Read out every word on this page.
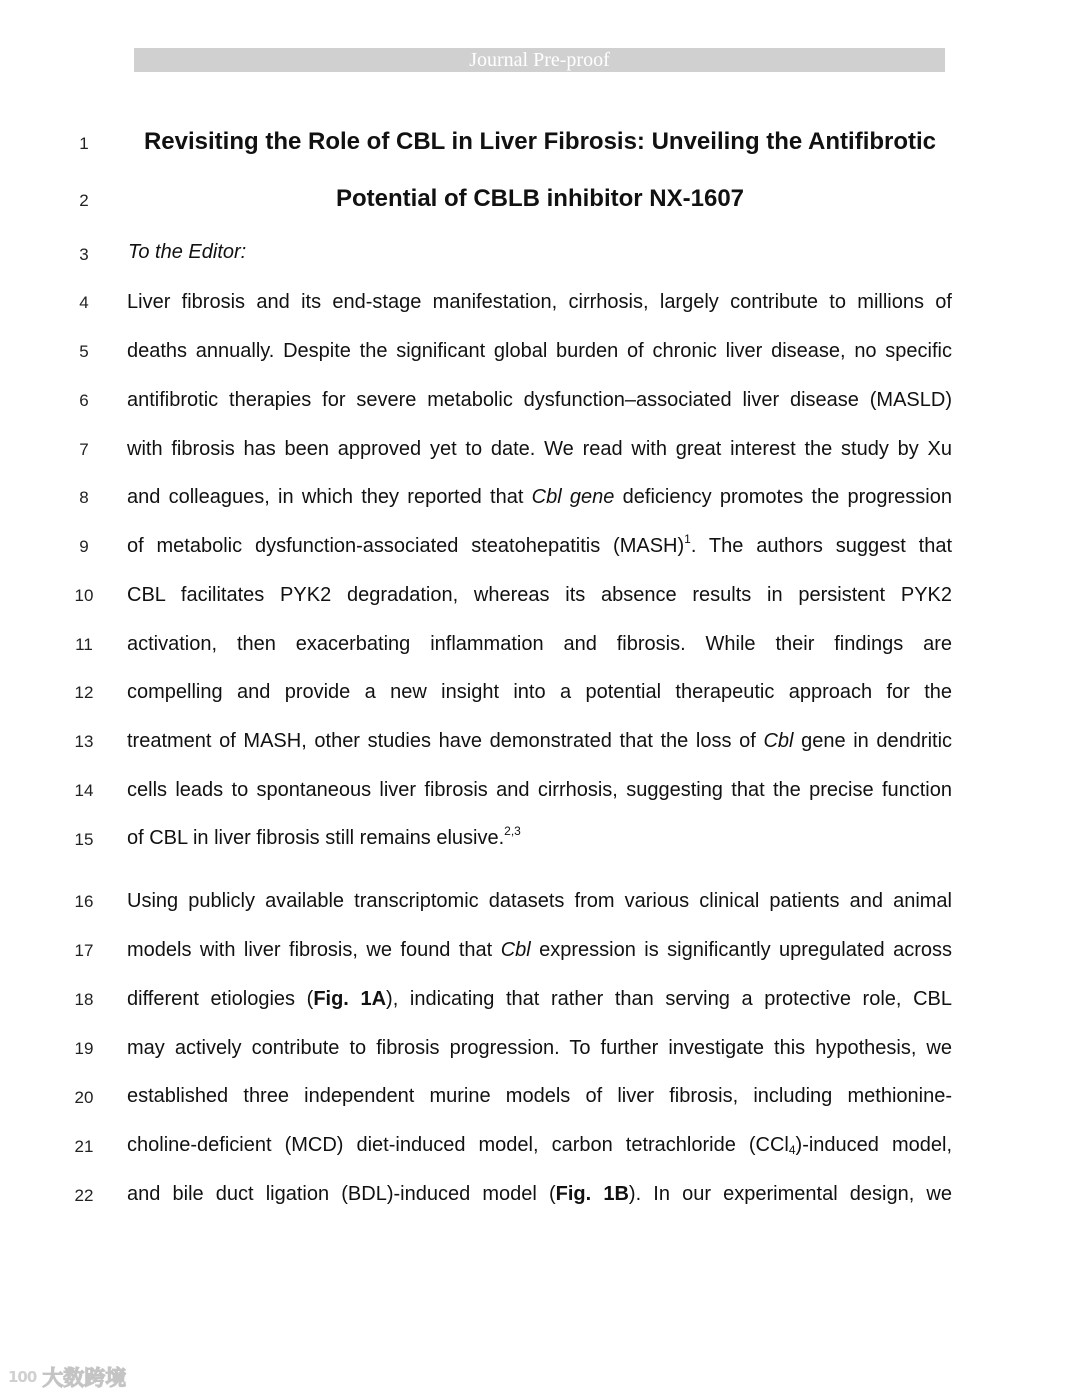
Journal Pre-proof
1
2
3
4
5
6
7
8
9
10
11
12
13
14
15
16
17
18
19
20
21
22
Revisiting the Role of CBL in Liver Fibrosis: Unveiling the Antifibrotic
Potential of CBLB inhibitor NX-1607
To the Editor:
Liver fibrosis and its end-stage manifestation, cirrhosis, largely contribute to millions of
deaths annually. Despite the significant global burden of chronic liver disease, no specific
antifibrotic therapies for severe metabolic dysfunction–associated liver disease (MASLD)
with fibrosis has been approved yet to date. We read with great interest the study by Xu
and colleagues, in which they reported that Cbl gene deficiency promotes the progression
of metabolic dysfunction-associated steatohepatitis (MASH)$^1$. The authors suggest that
CBL facilitates PYK2 degradation, whereas its absence results in persistent PYK2
activation, then exacerbating inflammation and fibrosis. While their findings are
compelling and provide a new insight into a potential therapeutic approach for the
treatment of MASH, other studies have demonstrated that the loss of Cbl gene in dendritic
cells leads to spontaneous liver fibrosis and cirrhosis, suggesting that the precise function
of CBL in liver fibrosis still remains elusive.$^{2,3}$
Using publicly available transcriptomic datasets from various clinical patients and animal
models with liver fibrosis, we found that Cbl expression is significantly upregulated across
different etiologies (Fig. 1A), indicating that rather than serving a protective role, CBL
may actively contribute to fibrosis progression. To further investigate this hypothesis, we
established three independent murine models of liver fibrosis, including methionine-
choline-deficient (MCD) diet-induced model, carbon tetrachloride (CCl$_4$)-induced model,
and bile duct ligation (BDL)-induced model (Fig. 1B). In our experimental design, we
100 大数跨境
